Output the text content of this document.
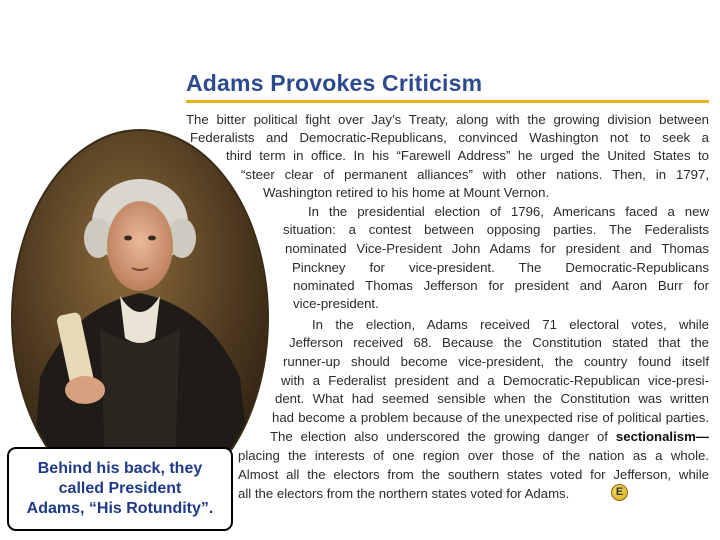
Adams Provokes Criticism
The bitter political fight over Jay’s Treaty, along with the growing division between
Federalists and Democratic-Republicans, convinced Washington not to seek a
third term in office. In his “Farewell Address” he urged the United States to
“steer clear of permanent alliances” with other nations. Then, in 1797,
Washington retired to his home at Mount Vernon.
In the presidential election of 1796, Americans faced a new
situation: a contest between opposing parties. The Federalists
nominated Vice-President John Adams for president and Thomas
Pinckney for vice-president. The Democratic-Republicans
nominated Thomas Jefferson for president and Aaron Burr for
vice-president.
In the election, Adams received 71 electoral votes, while
Jefferson received 68. Because the Constitution stated that the
runner-up should become vice-president, the country found itself
with a Federalist president and a Democratic-Republican vice-presi-
dent. What had seemed sensible when the Constitution was written
had become a problem because of the unexpected rise of political parties.
The election also underscored the growing danger of sectionalism—
placing the interests of one region over those of the nation as a whole.
Almost all the electors from the southern states voted for Jefferson, while
all the electors from the northern states voted for Adams.	E
Behind his back, they
called President
Adams, “His Rotundity”.
